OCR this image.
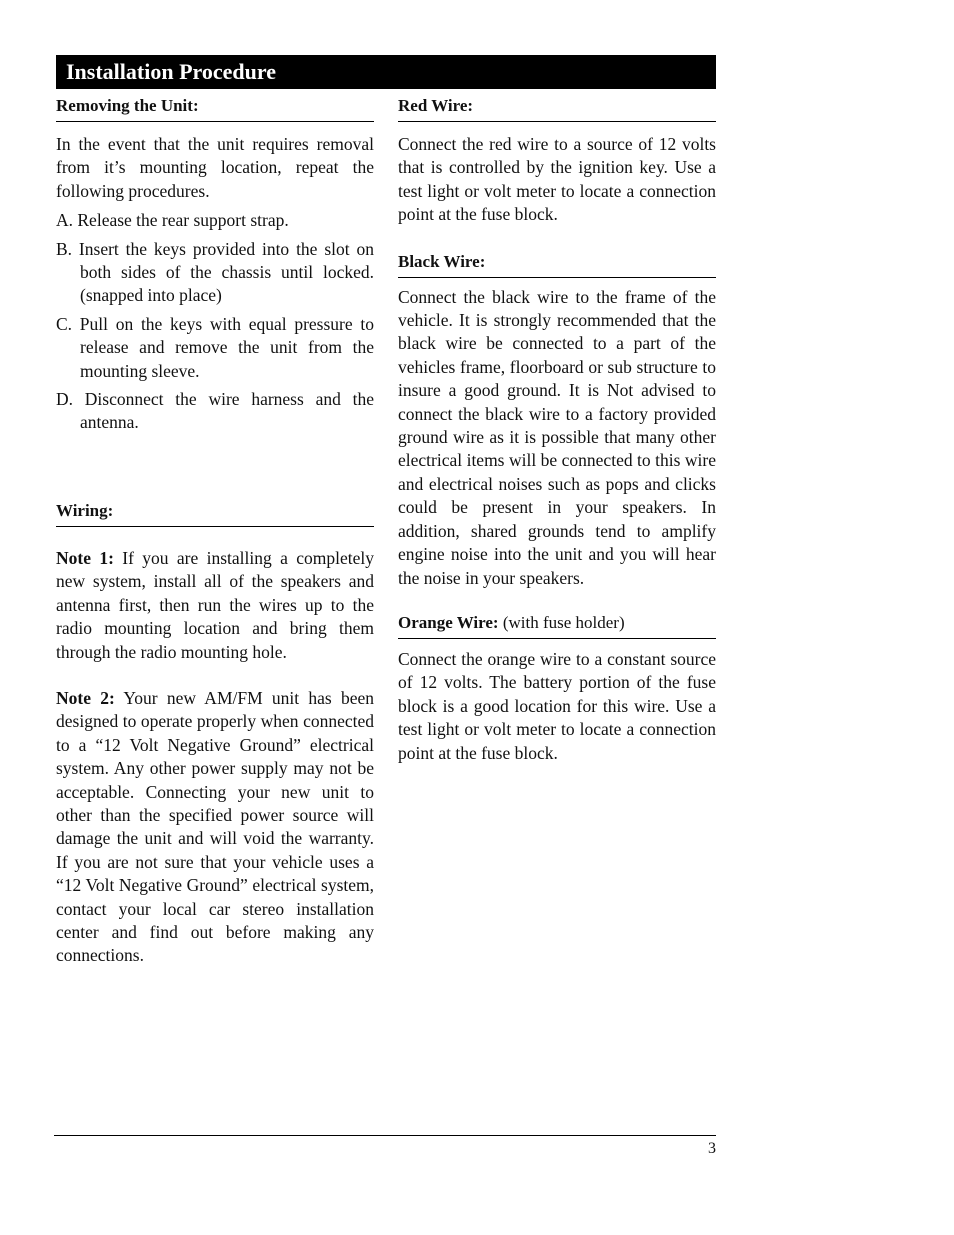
Installation Procedure
Removing the Unit:

In the event that the unit requires removal from it’s mounting location, repeat the following procedures.

A. Release the rear support strap.
B. Insert the keys provided into the slot on both sides of the chassis until locked. (snapped into place)
C. Pull on the keys with equal pressure to release and remove the unit from the mounting sleeve.
D. Disconnect the wire harness and the antenna.
Wiring:

Note 1: If you are installing a completely new system, install all of the speakers and antenna first, then run the wires up to the radio mounting location and bring them through the radio mounting hole.

Note 2: Your new AM/FM unit has been designed to operate properly when connected to a “12 Volt Negative Ground” electrical system. Any other power supply may not be acceptable. Connecting your new unit to other than the specified power source will damage the unit and will void the warranty. If you are not sure that your vehicle uses a “12 Volt Negative Ground” electrical system, contact your local car stereo installation center and find out before making any connections.

Red Wire:

Connect the red wire to a source of 12 volts that is controlled by the ignition key. Use a test light or volt meter to locate a connection point at the fuse block.

Black Wire:

Connect the black wire to the frame of the vehicle. It is strongly recommended that the black wire be connected to a part of the vehicles frame, floorboard or sub structure to insure a good ground. It is Not advised to connect the black wire to a factory provided ground wire as it is possible that many other electrical items will be connected to this wire and electrical noises such as pops and clicks could be present in your speakers. In addition, shared grounds tend to amplify engine noise into the unit and you will hear the noise in your speakers.

Orange Wire: (with fuse holder)

Connect the orange wire to a constant source of 12 volts. The battery portion of the fuse block is a good location for this wire. Use a test light or volt meter to locate a connection point at the fuse block.

3
